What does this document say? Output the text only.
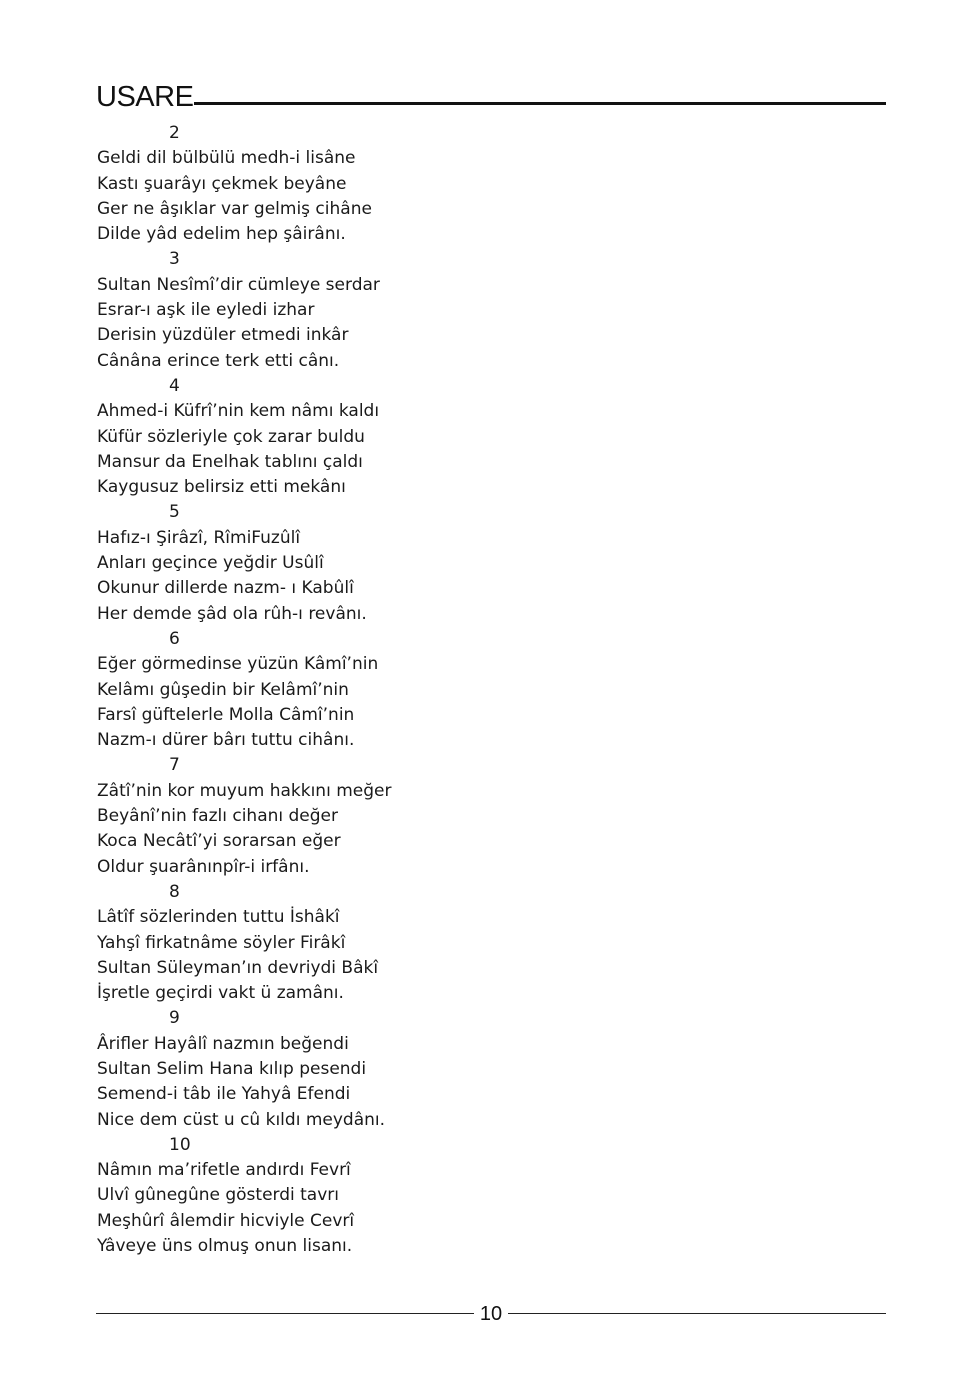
USARE
2
Geldi dil bülbülü medh-i lisâne
Kastı şuarâyı çekmek beyâne
Ger ne âşıklar var gelmiş cihâne
Dilde yâd edelim hep şâirânı.
3
Sultan Nesîmî’dir cümleye serdar
Esrar-ı aşk ile eyledi izhar
Derisin yüzdüler etmedi inkâr
Cânâna erince terk etti cânı.
4
Ahmed-i Küfrî’nin kem nâmı kaldı
Küfür sözleriyle çok zarar buldu
Mansur da Enelhak tablını çaldı
Kaygusuz belirsiz etti mekânı
5
Hafız-ı Şirâzî, RîmiFuzûlî
Anları geçince yeğdir Usûlî
Okunur dillerde nazm- ı Kabûlî
Her demde şâd ola rûh-ı revânı.
6
Eğer görmedinse yüzün Kâmî’nin
Kelâmı gûşedin bir Kelâmî’nin
Farsî güftelerle Molla Câmî’nin
Nazm-ı dürer bârı tuttu cihânı.
7
Zâtî’nin kor muyum hakkını meğer
Beyânî’nin fazlı cihanı değer
Koca Necâtî’yi sorarsan eğer
Oldur şuarânınpîr-i irfânı.
8
Lâtîf sözlerinden tuttu İshâkî
Yahşî firkatnâme söyler Firâkî
Sultan Süleyman’ın devriydi Bâkî
İşretle geçirdi vakt ü zamânı.
9
Ârifler Hayâlî nazmın beğendi
Sultan Selim Hana kılıp pesendi
Semend-i tâb ile Yahyâ Efendi
Nice dem cüst u cû kıldı meydânı.
10
Nâmın ma’rifetle andırdı Fevrî
Ulvî gûnegûne gösterdi tavrı
Meşhûrî âlemdir hicviyle Cevrî
Yâveye üns olmuş onun lisanı.
10
